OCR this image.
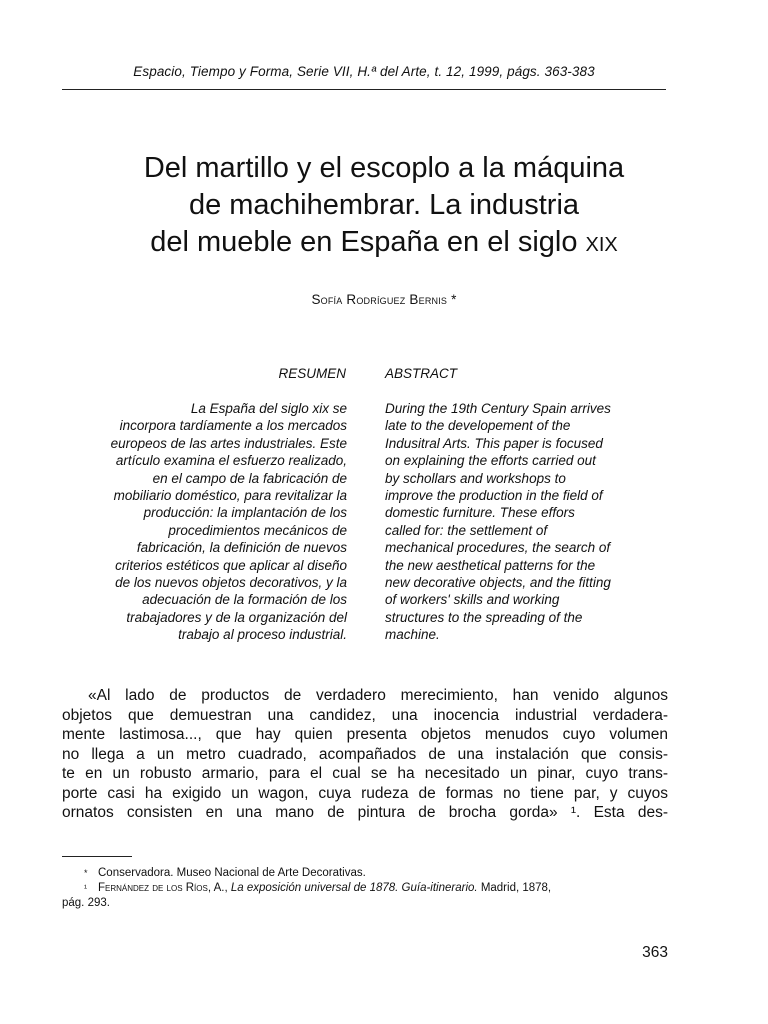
Espacio, Tiempo y Forma, Serie VII, H.ª del Arte, t. 12, 1999, págs. 363-383
Del martillo y el escoplo a la máquina
de machihembrar. La industria
del mueble en España en el siglo xix
Sofía Rodríguez Bernis *
RESUMEN	ABSTRACT
La España del siglo xix se
incorpora tardíamente a los mercados
europeos de las artes industriales. Este
artículo examina el esfuerzo realizado,
en el campo de la fabricación de
mobiliario doméstico, para revitalizar la
producción: la implantación de los
procedimientos mecánicos de
fabricación, la definición de nuevos
criterios estéticos que aplicar al diseño
de los nuevos objetos decorativos, y la
adecuación de la formación de los
trabajadores y de la organización del
trabajo al proceso industrial.
During the 19th Century Spain arrives
late to the developement of the
Indusitral Arts. This paper is focused
on explaining the efforts carried out
by schollars and workshops to
improve the production in the field of
domestic furniture. These effors
called for: the settlement of
mechanical procedures, the search of
the new aesthetical patterns for the
new decorative objects, and the fitting
of workers' skills and working
structures to the spreading of the
machine.
«Al lado de productos de verdadero merecimiento, han venido algunos
objetos que demuestran una candidez, una inocencia industrial verdadera-
mente lastimosa..., que hay quien presenta objetos menudos cuyo volumen
no llega a un metro cuadrado, acompañados de una instalación que consis-
te en un robusto armario, para el cual se ha necesitado un pinar, cuyo trans-
porte casi ha exigido un wagon, cuya rudeza de formas no tiene par, y cuyos
ornatos consisten en una mano de pintura de brocha gorda» ¹. Esta des-
* Conservadora. Museo Nacional de Arte Decorativas.
¹ Fernández de los Ríos, A., La exposición universal de 1878. Guía-itinerario. Madrid, 1878,
pág. 293.
363
